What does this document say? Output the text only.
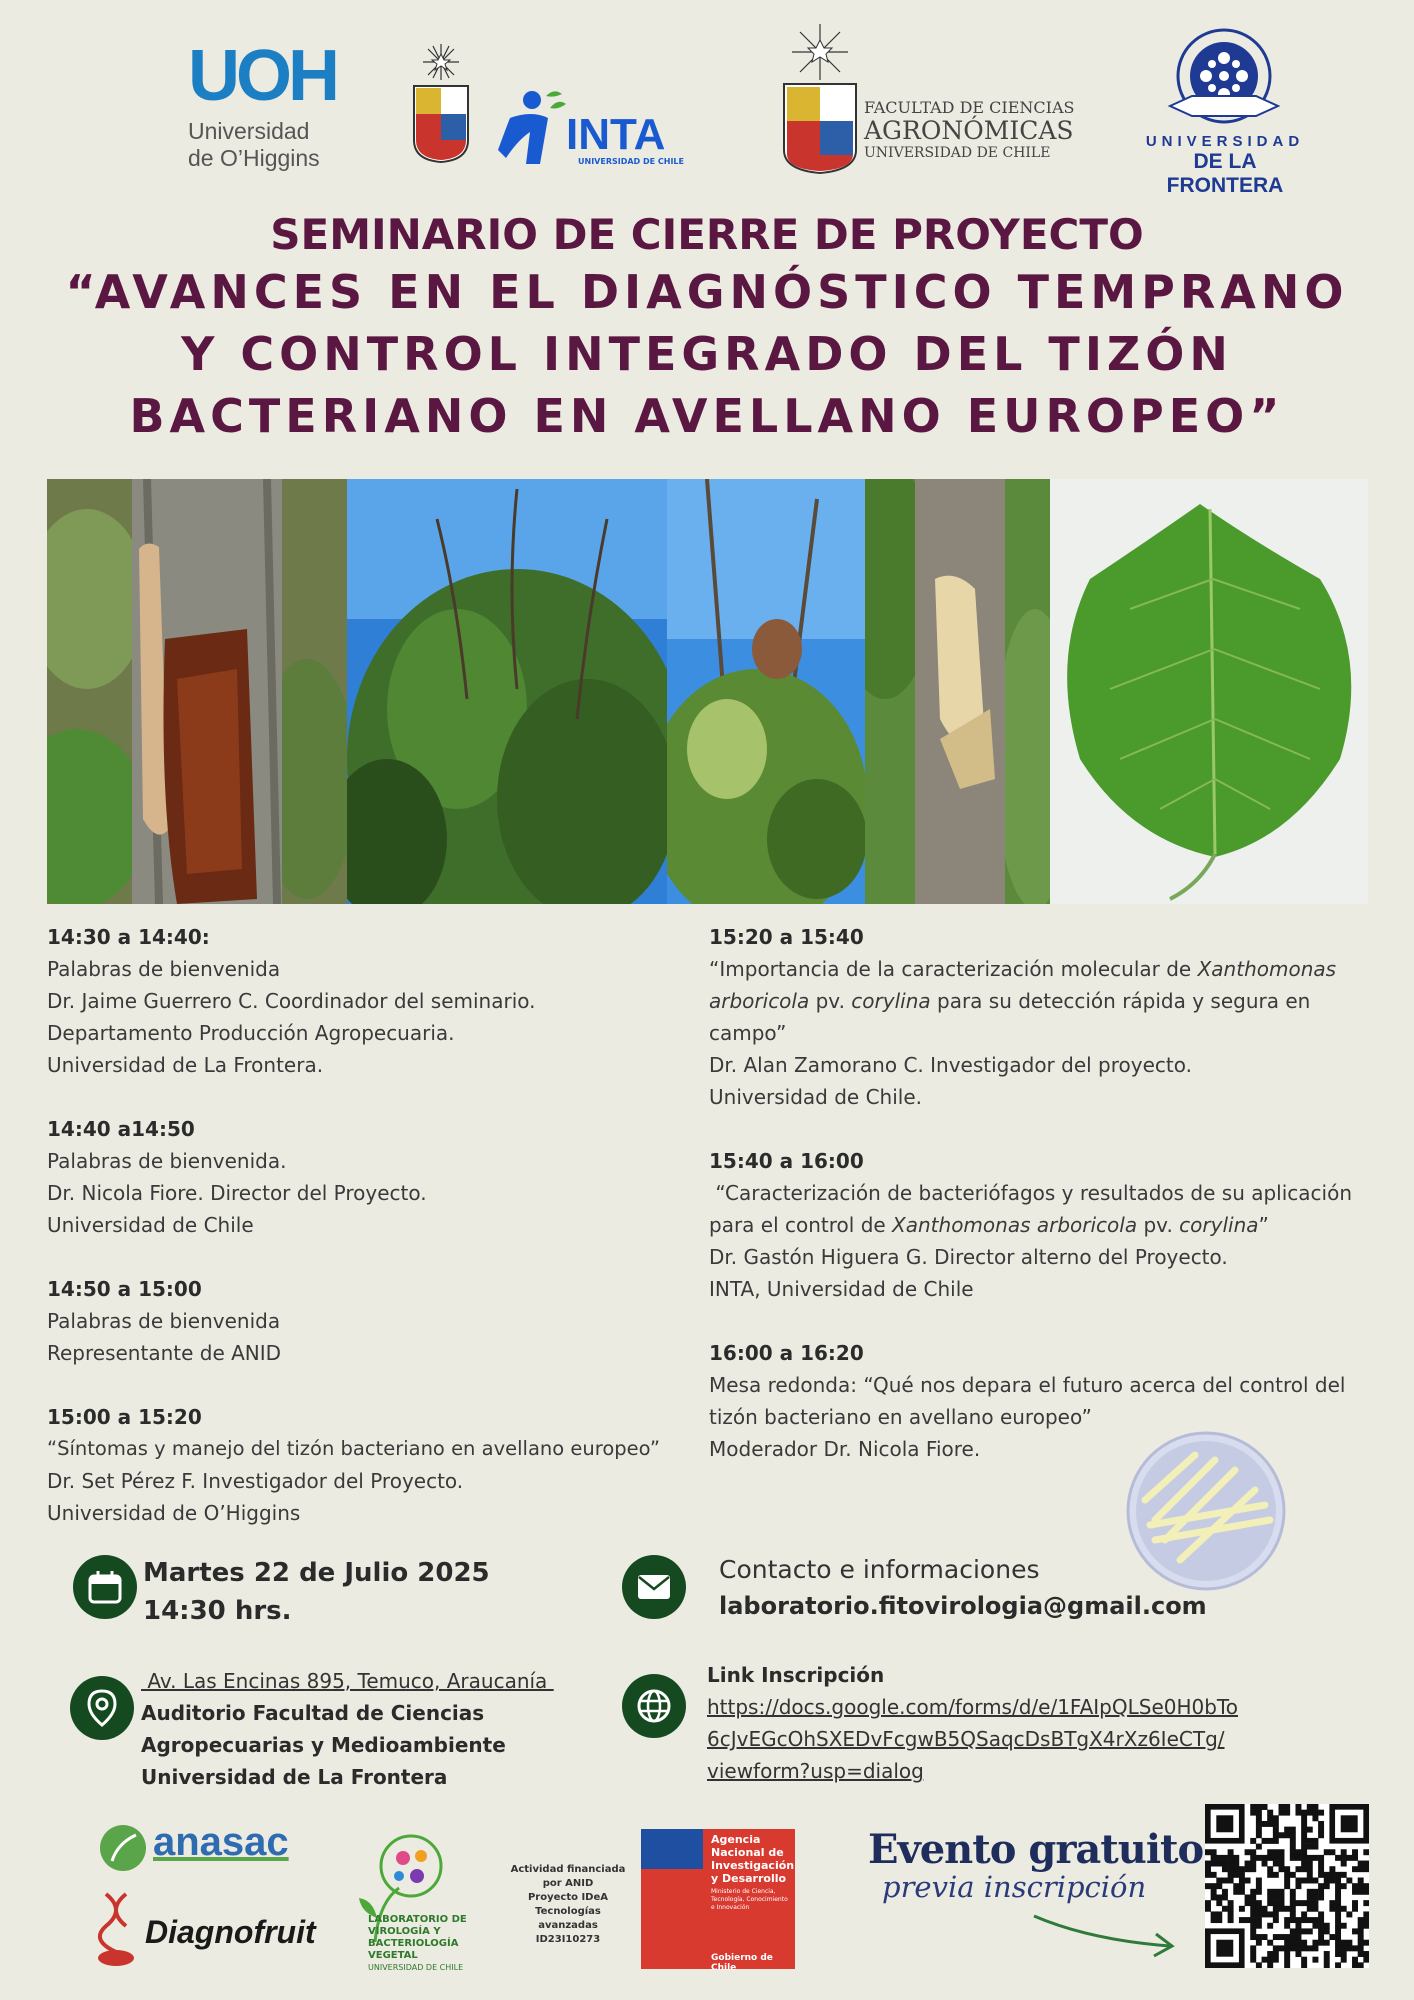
UOH
Universidad
de O’Higgins	INTA
UNIVERSIDAD DE CHILE
FACULTAD DE CIENCIAS
AGRONÓMICAS
UNIVERSIDAD DE CHILE
UNIVERSIDAD
DE LA FRONTERA
SEMINARIO DE CIERRE DE PROYECTO
“AVANCES EN EL DIAGNÓSTICO TEMPRANO
Y CONTROL INTEGRADO DEL TIZÓN
BACTERIANO EN AVELLANO EUROPEO”

14:30 a 14:40:

Palabras de bienvenida

Dr. Jaime Guerrero C. Coordinador del seminario.

Departamento Producción Agropecuaria.

Universidad de La Frontera.

14:40 a14:50

Palabras de bienvenida.

Dr. Nicola Fiore. Director del Proyecto.

Universidad de Chile

14:50 a 15:00

Palabras de bienvenida

Representante de ANID

15:00 a 15:20

“Síntomas y manejo del tizón bacteriano en avellano europeo”

Dr. Set Pérez F. Investigador del Proyecto.

Universidad de O’Higgins

15:20 a 15:40

“Importancia de la caracterización molecular de Xanthomonas

arboricola pv. corylina para su detección rápida y segura en

campo”

Dr. Alan Zamorano C. Investigador del proyecto.

Universidad de Chile.

15:40 a 16:00

“Caracterización de bacteriófagos y resultados de su aplicación

para el control de Xanthomonas arboricola pv. corylina”

Dr. Gastón Higuera G. Director alterno del Proyecto.

INTA, Universidad de Chile

16:00 a 16:20

Mesa redonda: “Qué nos depara el futuro acerca del control del

tizón bacteriano en avellano europeo”

Moderador Dr. Nicola Fiore.

Martes 22 de Julio 2025
14:30 hrs.
Contacto e informaciones
laboratorio.fitovirologia@gmail.com
Av. Las Encinas 895, Temuco, Araucanía
Auditorio Facultad de Ciencias
Agropecuarias y Medioambiente
Universidad de La Frontera
Link Inscripción
https://docs.google.com/forms/d/e/1FAIpQLSe0H0bTo
6cJvEGcOhSXEDvFcgwB5QSaqcDsBTgX4rXz6IeCTg/
viewform?usp=dialog
anasac
Diagnofruit	LABORATORIO DE
VIROLOGÍA Y
BACTERIOLOGÍA
VEGETAL
UNIVERSIDAD DE CHILE
Actividad financiada
por ANID
Proyecto IDeA
Tecnologías
avanzadas
ID23I10273
Agencia
Nacional de
Investigación
y Desarrollo
Ministerio de Ciencia,
Tecnología, Conocimiento
e Innovación
Gobierno de Chile
Evento gratuito
previa inscripción
